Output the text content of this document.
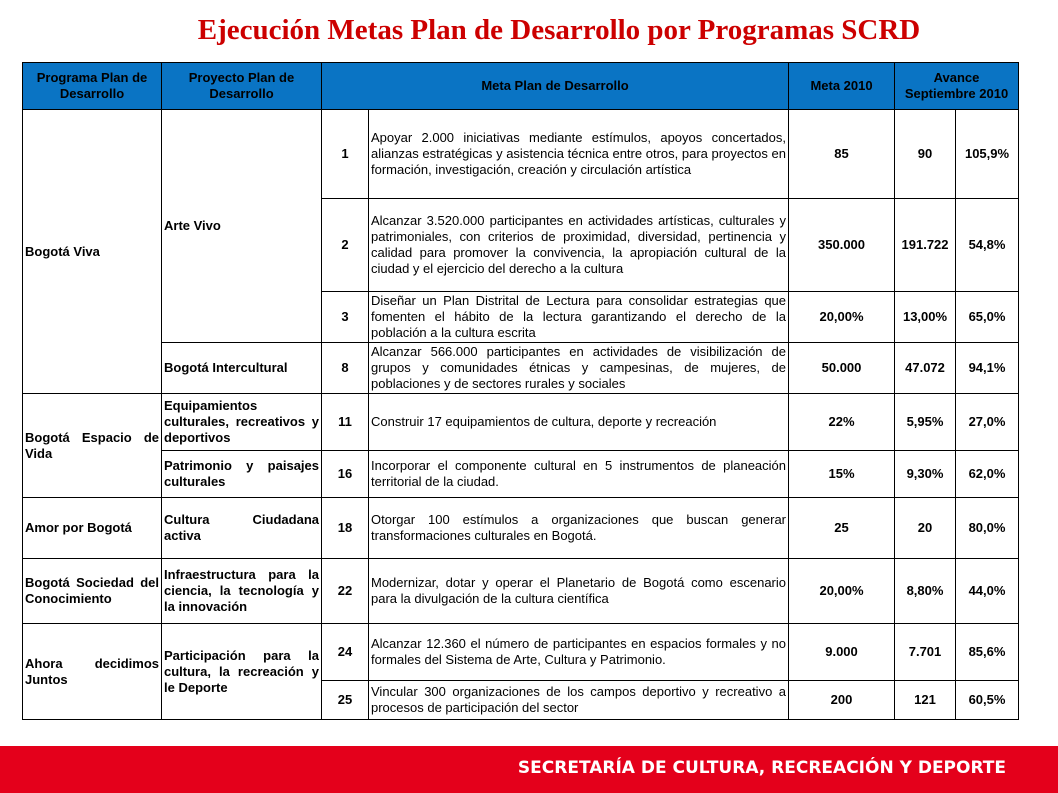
Ejecución Metas Plan de Desarrollo por Programas SCRD
Programa Plan de Desarrollo	Proyecto Plan de Desarrollo	Meta Plan de Desarrollo		Meta 2010	Avance Septiembre 2010	
Bogotá Viva	Arte Vivo	1	Apoyar 2.000 iniciativas mediante estímulos, apoyos concertados, alianzas estratégicas y asistencia técnica entre otros, para proyectos en formación, investigación, creación y circulación artística	85	90	105,9%
		2	Alcanzar 3.520.000 participantes en actividades artísticas, culturales y patrimoniales, con criterios de proximidad, diversidad, pertinencia y calidad para promover la convivencia, la apropiación cultural de la ciudad y el ejercicio del derecho a la cultura	350.000	191.722	54,8%
		3	Diseñar un Plan Distrital de Lectura para consolidar estrategias que fomenten el hábito de la lectura garantizando el derecho de la población a la cultura escrita	20,00%	13,00%	65,0%
	Bogotá Intercultural	8	Alcanzar 566.000 participantes en actividades de visibilización de grupos y comunidades étnicas y campesinas, de mujeres, de poblaciones y de sectores rurales y sociales	50.000	47.072	94,1%
Bogotá Espacio de Vida	Equipamientos culturales, recreativos y deportivos	11	Construir 17 equipamientos de cultura, deporte y recreación	22%	5,95%	27,0%
	Patrimonio y paisajes culturales	16	Incorporar el componente cultural en 5 instrumentos de planeación territorial de la ciudad.	15%	9,30%	62,0%
Amor por Bogotá	Cultura Ciudadana activa	18	Otorgar 100 estímulos a organizaciones que buscan generar transformaciones culturales en Bogotá.	25	20	80,0%
Bogotá Sociedad del Conocimiento	Infraestructura para la ciencia, la tecnología y la innovación	22	Modernizar, dotar y operar el Planetario de Bogotá como escenario para la divulgación de la cultura científica	20,00%	8,80%	44,0%
Ahora decidimos Juntos	Participación para la cultura, la recreación y le Deporte	24	Alcanzar 12.360 el número de participantes en espacios formales y no formales del Sistema de Arte, Cultura y Patrimonio.	9.000	7.701	85,6%
		25	Vincular 300 organizaciones de los campos deportivo y recreativo a procesos de participación del sector	200	121	60,5%
SECRETARÍA DE CULTURA, RECREACIÓN Y DEPORTE
